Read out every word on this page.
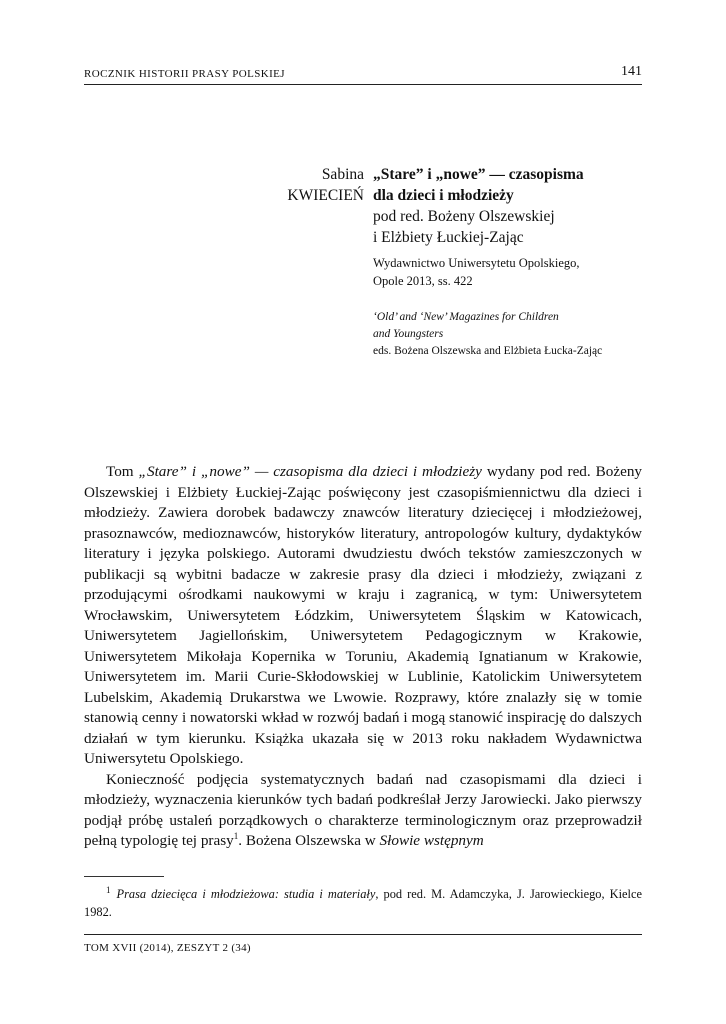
ROCZNIK HISTORII PRASY POLSKIEJ	141
Sabina
KWIECIEŃ

„Stare” i „nowe” — czasopisma

dla dzieci i młodzieży

pod red. Bożeny Olszewskiej

i Elżbiety Łuckiej-Zając

Wydawnictwo Uniwersytetu Opolskiego,
Opole 2013, ss. 422
‘Old’ and ‘New’ Magazines for Children
and Youngsters
eds. Bożena Olszewska and Elżbieta Łucka-Zając

Tom „Stare” i „nowe” — czasopisma dla dzieci i młodzieży wydany pod red. Bożeny Olszewskiej i Elżbiety Łuckiej-Zając poświęcony jest czasopiśmiennictwu dla dzieci i młodzieży. Zawiera dorobek badawczy znawców literatury dziecięcej i młodzieżowej, prasoznawców, medioznawców, historyków literatury, antropologów kultury, dydaktyków literatury i języka polskiego. Autorami dwudziestu dwóch tekstów zamieszczonych w publikacji są wybitni badacze w zakresie prasy dla dzieci i młodzieży, związani z przodującymi ośrodkami naukowymi w kraju i zagranicą, w tym: Uniwersytetem Wrocławskim, Uniwersytetem Łódzkim, Uniwersytetem Śląskim w Katowicach, Uniwersytetem Jagiellońskim, Uniwersytetem Pedagogicznym w Krakowie, Uniwersytetem Mikołaja Kopernika w Toruniu, Akademią Ignatianum w Krakowie, Uniwersytetem im. Marii Curie-Skłodowskiej w Lublinie, Katolickim Uniwersytetem Lubelskim, Akademią Drukarstwa we Lwowie. Rozprawy, które znalazły się w tomie stanowią cenny i nowatorski wkład w rozwój badań i mogą stanowić inspirację do dalszych działań w tym kierunku. Książka ukazała się w 2013 roku nakładem Wydawnictwa Uniwersytetu Opolskiego.

Konieczność podjęcia systematycznych badań nad czasopismami dla dzieci i młodzieży, wyznaczenia kierunków tych badań podkreślał Jerzy Jarowiecki. Jako pierwszy podjął próbę ustaleń porządkowych o charakterze terminologicznym oraz przeprowadził pełną typologię tej prasy$^1$. Bożena Olszewska w Słowie wstępnym

$^1$ Prasa dziecięca i młodzieżowa: studia i materiały, pod red. M. Adamczyka, J. Jarowieckiego, Kielce 1982.
TOM XVII (2014), ZESZYT 2 (34)
